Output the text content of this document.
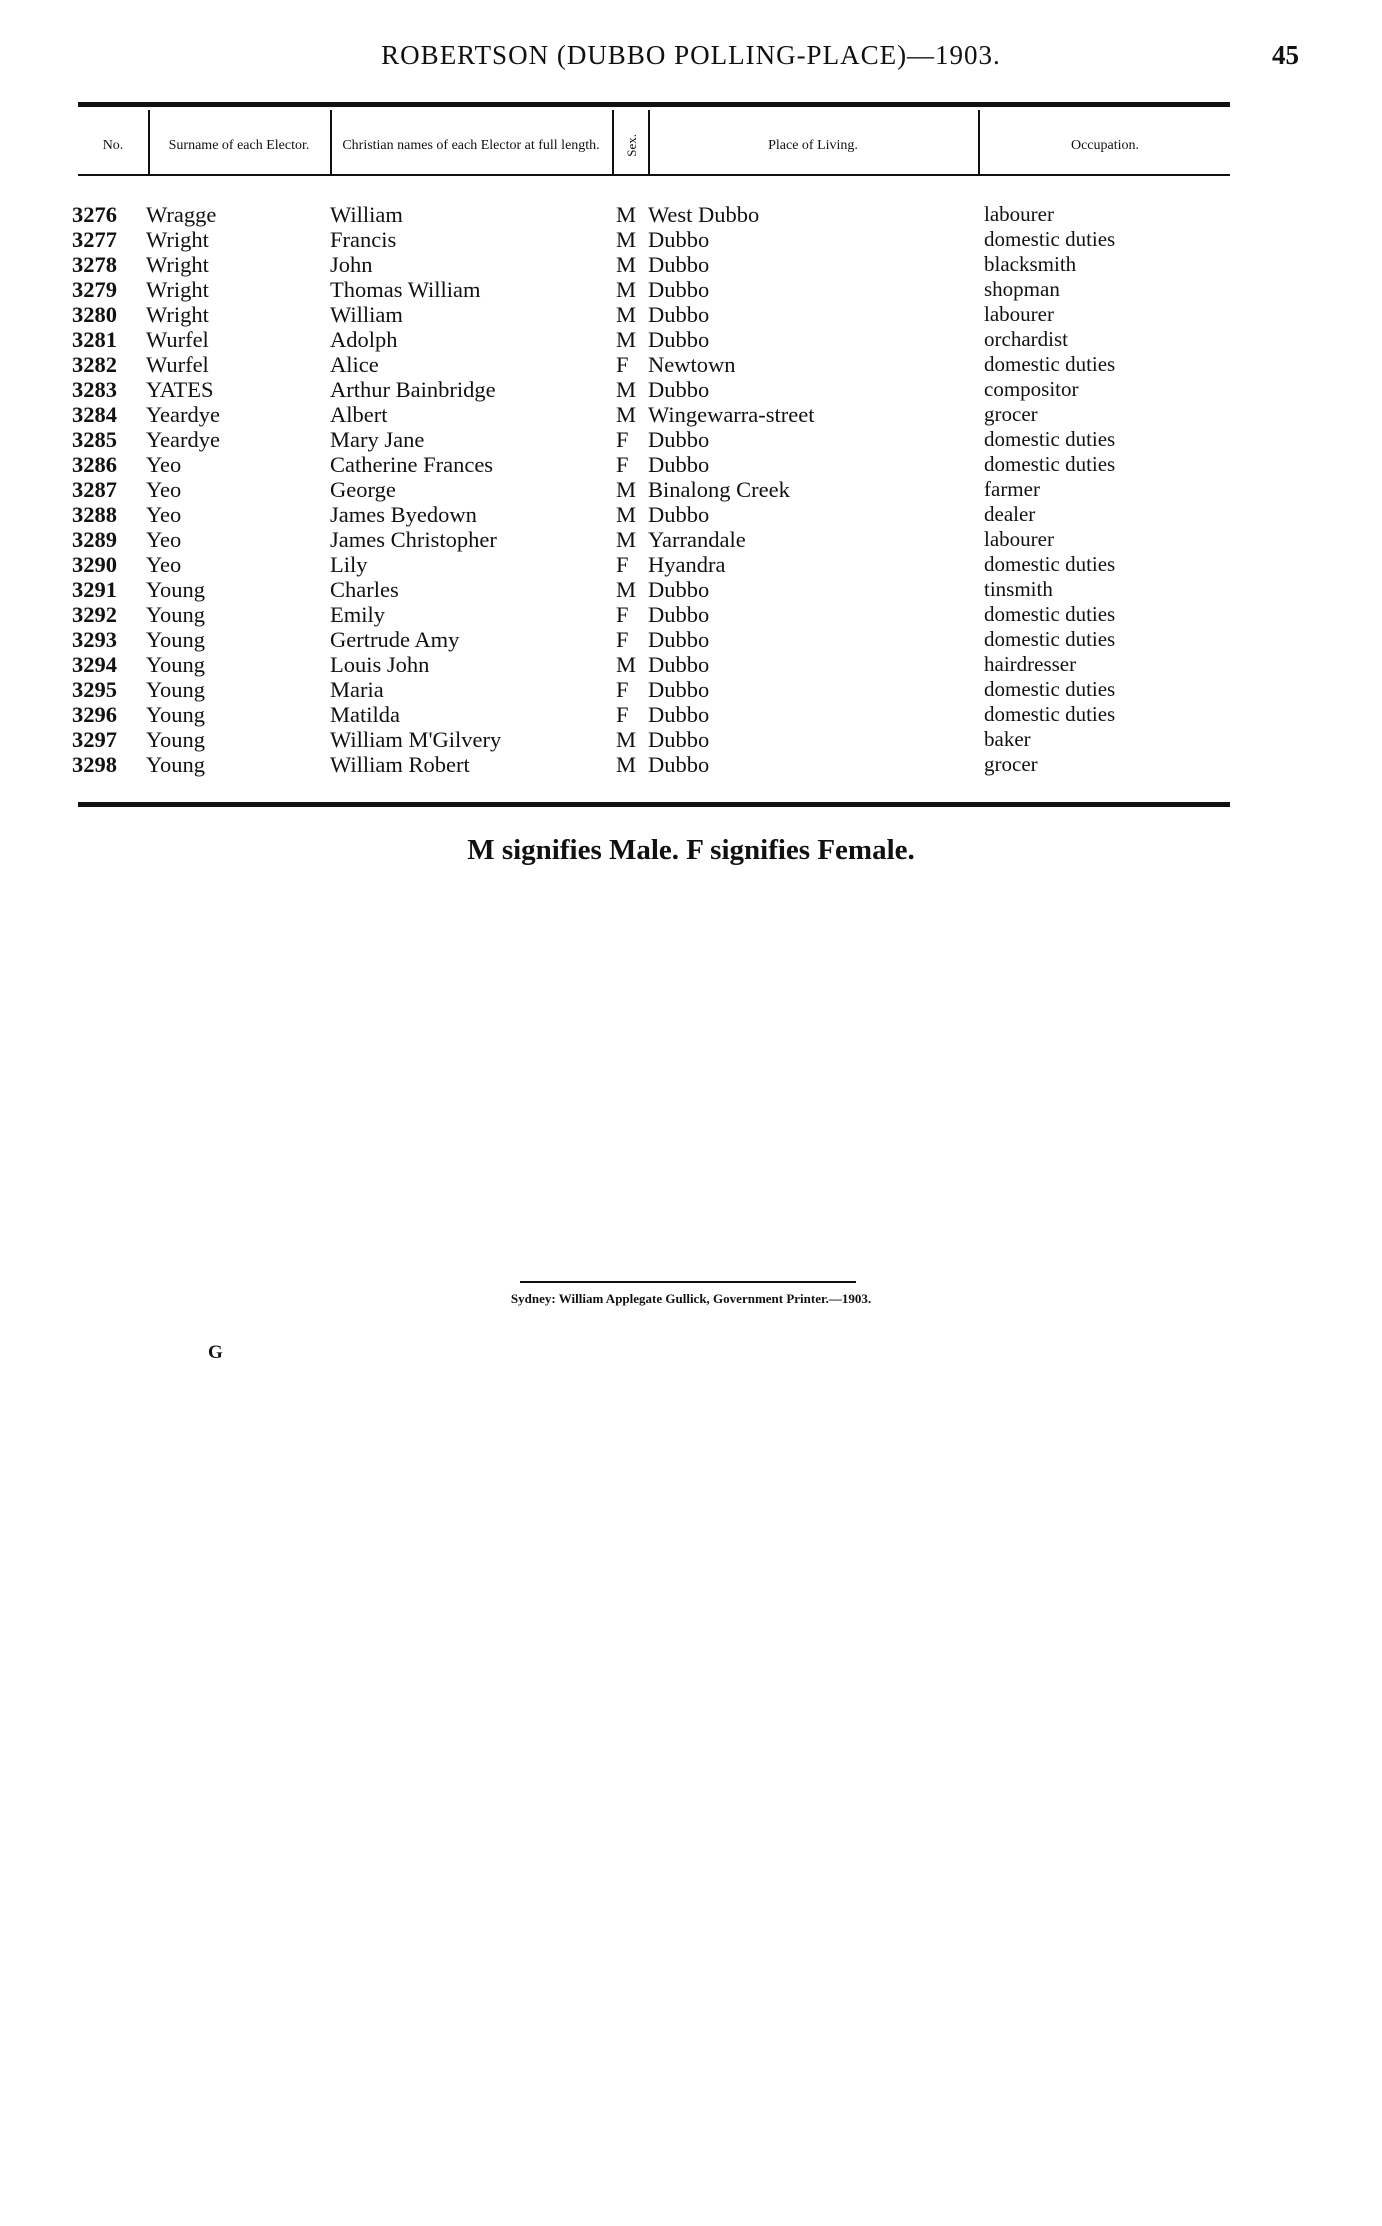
ROBERTSON (DUBBO POLLING-PLACE)—1903.	45
No.	Surname of each Elector.	Christian names of each Elector at full length.	Sex.	Place of Living.	Occupation.
3276 Wragge	William	M West Dubbo	labourer
3277 Wright	Francis	M Dubbo	domestic duties
3278 Wright	John	M Dubbo	blacksmith
3279 Wright	Thomas William	M Dubbo	shopman
3280 Wright	William	M Dubbo	labourer
3281 Wurfel	Adolph	M Dubbo	orchardist
3282 Wurfel	Alice	F Newtown	domestic duties
3283 YATES	Arthur Bainbridge	M Dubbo	compositor
3284 Yeardye	Albert	M Wingewarra-street	grocer
3285 Yeardye	Mary Jane	F Dubbo	domestic duties
3286 Yeo	Catherine Frances	F Dubbo	domestic duties
3287 Yeo	George	M Binalong Creek	farmer
3288 Yeo	James Byedown	M Dubbo	dealer
3289 Yeo	James Christopher	M Yarrandale	labourer
3290 Yeo	Lily	F Hyandra	domestic duties
3291 Young	Charles	M Dubbo	tinsmith
3292 Young	Emily	F Dubbo	domestic duties
3293 Young	Gertrude Amy	F Dubbo	domestic duties
3294 Young	Louis John	M Dubbo	hairdresser
3295 Young	Maria	F Dubbo	domestic duties
3296 Young	Matilda	F Dubbo	domestic duties
3297 Young	William M'Gilvery	M Dubbo	baker
3298 Young	William Robert	M Dubbo	grocer
M signifies Male. F signifies Female.
Sydney: William Applegate Gullick, Government Printer.—1903.
G
